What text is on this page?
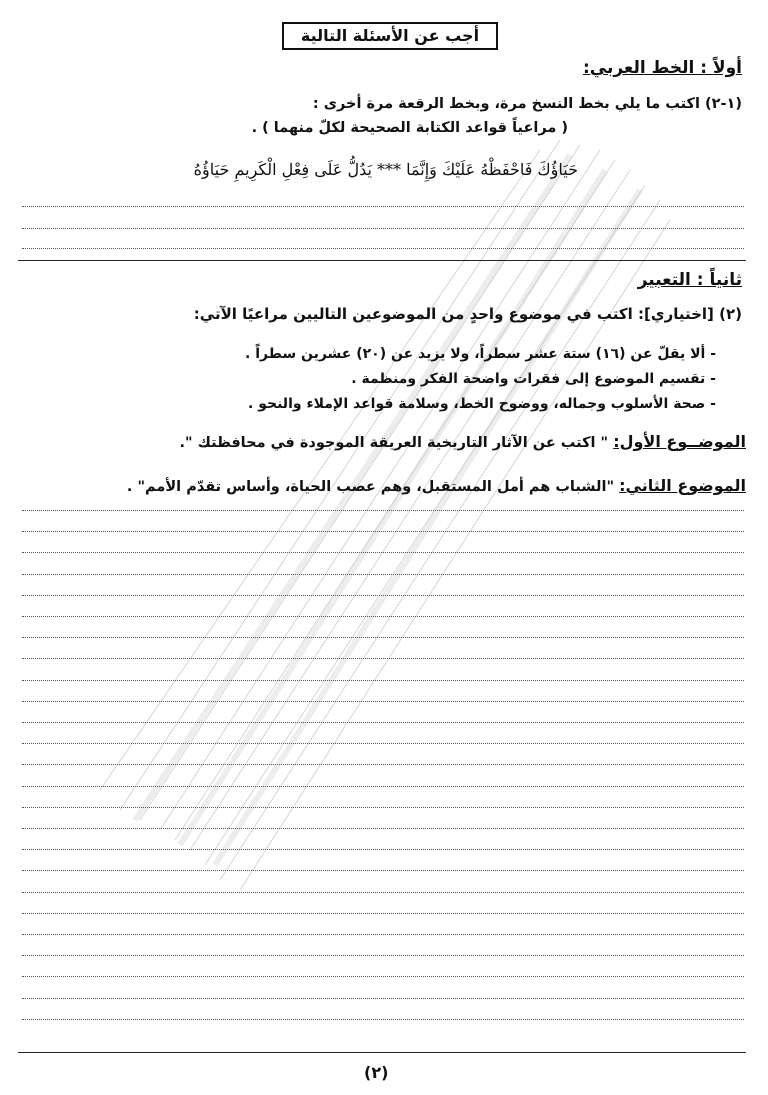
أجب عن الأسئلة التالية
أولاً : الخط العربي:
(١-٢) اكتب ما يلي بخط النسخ مرة، وبخط الرقعة مرة أخرى :
( مراعياً قواعد الكتابة الصحيحة لكلّ منهما ) .
حَيَاؤُكَ فَاحْفَظْهُ عَلَيْكَ وَإِنَّمَا *** يَدُلُّ عَلَى فِعْلِ الْكَرِيمِ حَيَاؤُهُ
ثانياً : التعبير
(٢) [اختياري]: اكتب في موضوع واحدٍ من الموضوعين التاليين مراعيًا الآتي:
- ألا يقلّ عن (١٦) ستة عشر سطراً، ولا يزيد عن (٢٠) عشرين سطراً .
- تقسيم الموضوع إلى فقرات واضحة الفكر ومنظمة .
- صحة الأسلوب وجماله، ووضوح الخط، وسلامة قواعد الإملاء والنحو .
الموضــوع الأول: " اكتب عن الآثار التاريخية العريقة الموجودة في محافظتك ".
الموضوع الثاني: "الشباب هم أمل المستقبل، وهم عصب الحياة، وأساس تقدّم الأمم" .
(٢)
